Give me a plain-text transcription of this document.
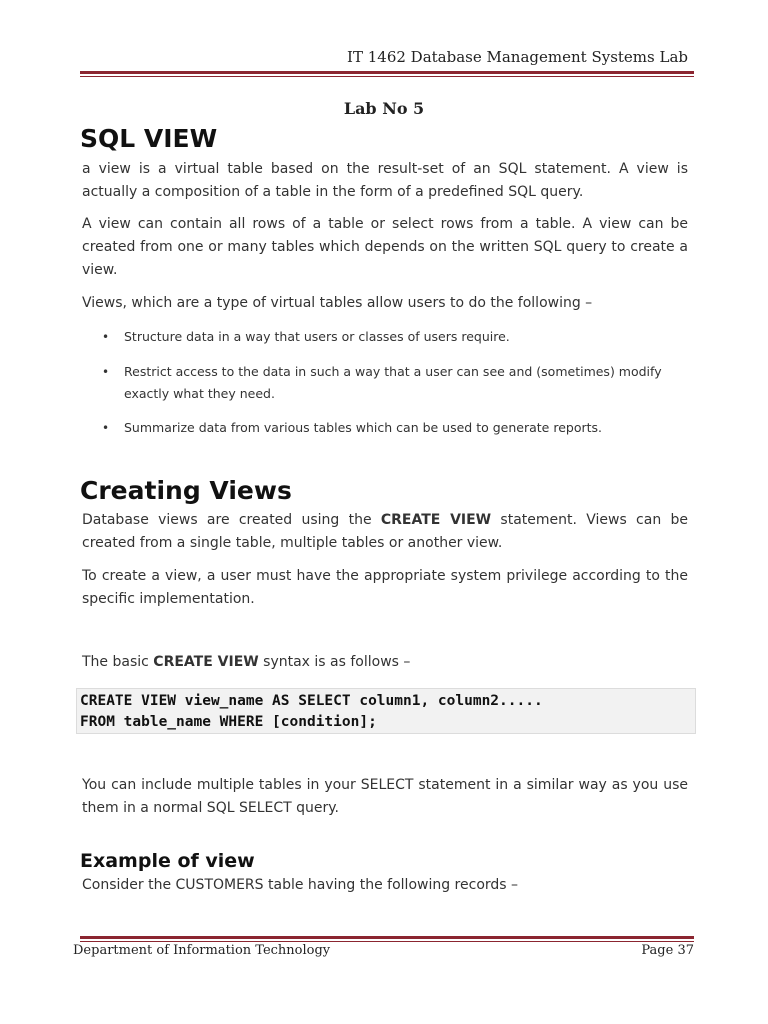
IT 1462 Database Management Systems Lab
Lab No 5
SQL VIEW

a view is a virtual table based on the result-set of an SQL statement. A view is actually a composition of a table in the form of a predefined SQL query.

A view can contain all rows of a table or select rows from a table. A view can be created from one or many tables which depends on the written SQL query to create a view.

Views, which are a type of virtual tables allow users to do the following –

• Structure data in a way that users or classes of users require.
• Restrict access to the data in such a way that a user can see and (sometimes) modify exactly what they need.
• Summarize data from various tables which can be used to generate reports.
Creating Views

Database views are created using the CREATE VIEW statement. Views can be created from a single table, multiple tables or another view.

To create a view, a user must have the appropriate system privilege according to the specific implementation.

The basic CREATE VIEW syntax is as follows –

CREATE VIEW view_name AS SELECT column1, column2.....
FROM table_name WHERE [condition];

You can include multiple tables in your SELECT statement in a similar way as you use them in a normal SQL SELECT query.

Example of view

Consider the CUSTOMERS table having the following records –

Department of Information Technology	Page 37
